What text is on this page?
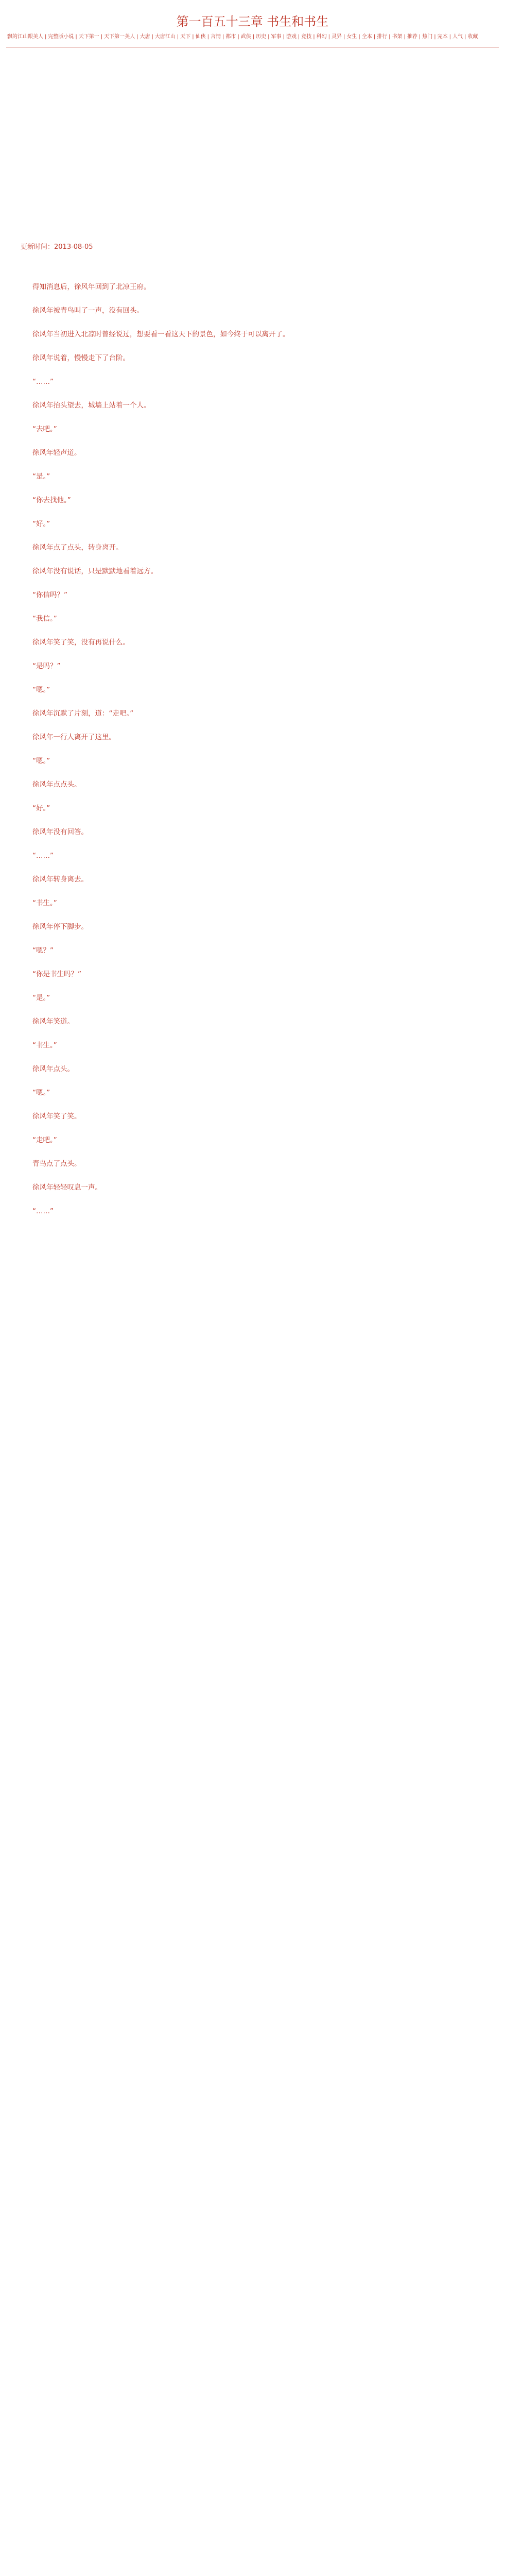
第一百五十三章 书生和书生
飘的江山跟美人 | 完整版小说 | 天下第一 | 天下第一美人 | 大唐 | 大唐江山 | 天下 | 仙侠 | 言情 | 都市 | 武侠 | 历史 | 军事 | 游戏 | 竞技 | 科幻 | 灵异 | 女生 | 全本 | 排行 | 书架 | 推荐 | 热门 | 完本 | 人气 | 收藏
更新时间：2013-08-05

得知消息后，徐风年回到了北凉王府。

徐风年被青鸟叫了一声，没有回头。

徐风年当初进入北凉时曾经说过，想要看一看这天下的景色，如今终于可以离开了。

徐风年说着，慢慢走下了台阶。

“……”

徐风年抬头望去，城墙上站着一个人。

“去吧。”

徐风年轻声道。

“是。”

“你去找他。”

“好。”

徐风年点了点头，转身离开。

徐风年没有说话，只是默默地看着远方。

“你信吗？”

“我信。”

徐风年笑了笑，没有再说什么。

“是吗？”

“嗯。”

徐风年沉默了片刻，道：“走吧。”

徐风年一行人离开了这里。

“嗯。”

徐风年点点头。

“好。”

徐风年没有回答。

“……”

徐风年转身离去。

“书生。”

徐风年停下脚步。

“嗯？”

“你是书生吗？”

“是。”

徐风年笑道。

“书生。”

徐风年点头。

“嗯。”

徐风年笑了笑。

“走吧。”

青鸟点了点头。

徐风年轻轻叹息一声。

“……”
